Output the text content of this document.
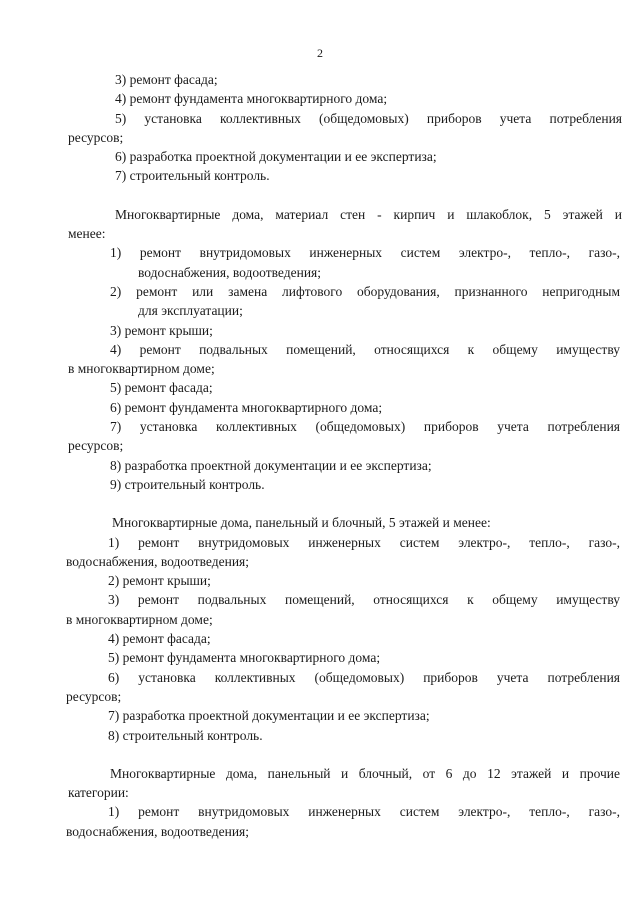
2
3) ремонт фасада;
4) ремонт фундамента многоквартирного дома;
5) установка коллективных (общедомовых) приборов учета потребления
ресурсов;
6) разработка проектной документации и ее экспертиза;
7) строительный контроль.
Многоквартирные дома, материал стен - кирпич и шлакоблок, 5 этажей и
менее:
1) ремонт внутридомовых инженерных систем электро-, тепло-, газо-,
водоснабжения, водоотведения;
2) ремонт или замена лифтового оборудования, признанного непригодным
для эксплуатации;
3) ремонт крыши;
4) ремонт подвальных помещений, относящихся к общему имуществу
в многоквартирном доме;
5) ремонт фасада;
6) ремонт фундамента многоквартирного дома;
7) установка коллективных (общедомовых) приборов учета потребления
ресурсов;
8) разработка проектной документации и ее экспертиза;
9) строительный контроль.
Многоквартирные дома, панельный и блочный, 5 этажей и менее:
1) ремонт внутридомовых инженерных систем электро-, тепло-, газо-,
водоснабжения, водоотведения;
2) ремонт крыши;
3) ремонт подвальных помещений, относящихся к общему имуществу
в многоквартирном доме;
4) ремонт фасада;
5) ремонт фундамента многоквартирного дома;
6) установка коллективных (общедомовых) приборов учета потребления
ресурсов;
7) разработка проектной документации и ее экспертиза;
8) строительный контроль.
Многоквартирные дома, панельный и блочный, от 6 до 12 этажей и прочие
категории:
1) ремонт внутридомовых инженерных систем электро-, тепло-, газо-,
водоснабжения, водоотведения;
